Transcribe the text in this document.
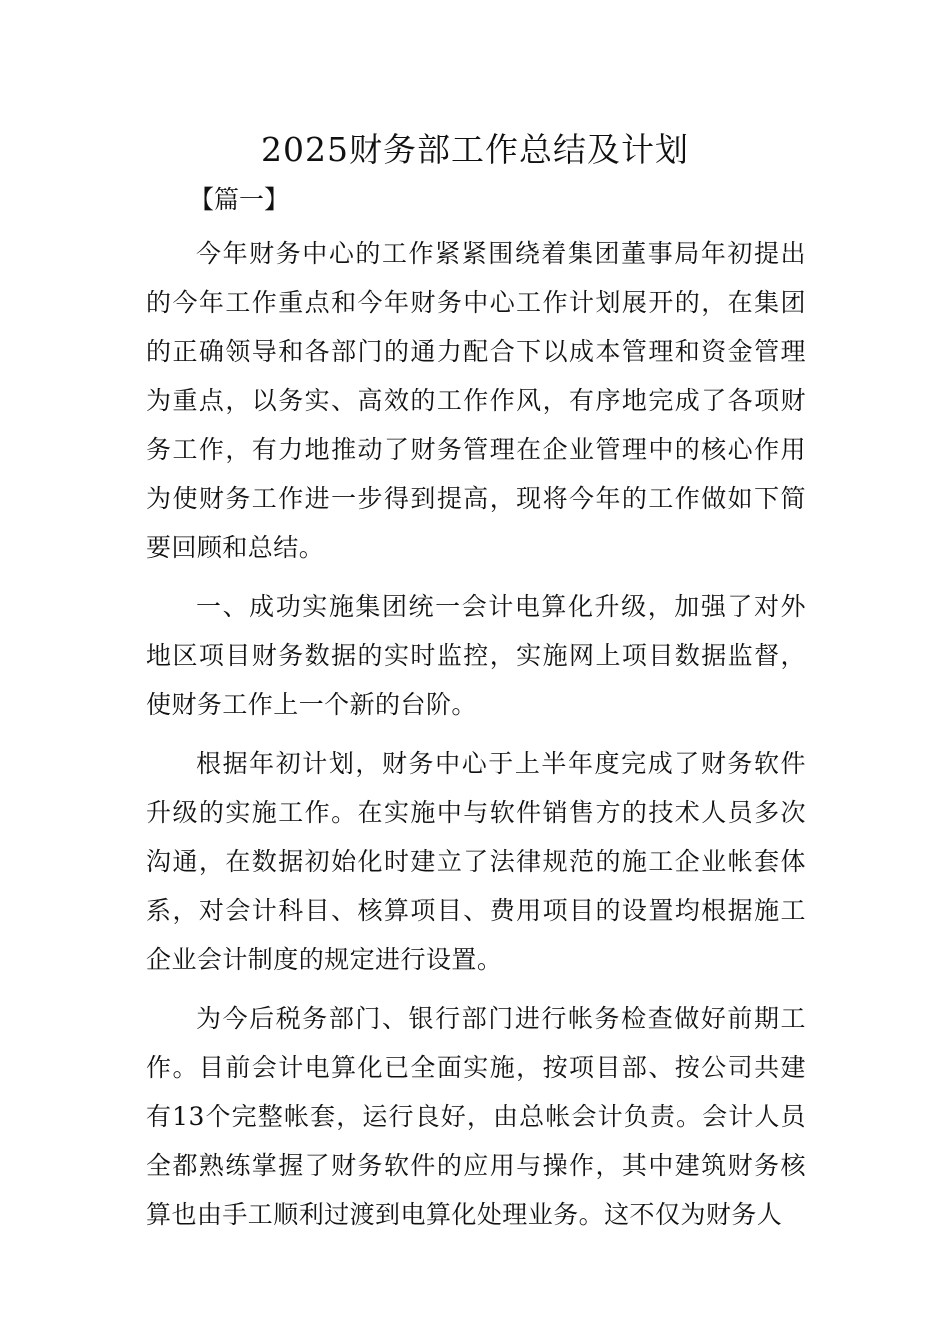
2025财务部工作总结及计划

【篇一】

今年财务中心的工作紧紧围绕着集团董事局年初提出的今年工作重点和今年财务中心工作计划展开的，在集团的正确领导和各部门的通力配合下以成本管理和资金管理为重点，以务实、高效的工作作风，有序地完成了各项财务工作，有力地推动了财务管理在企业管理中的核心作用为使财务工作进一步得到提高，现将今年的工作做如下简要回顾和总结。

一、成功实施集团统一会计电算化升级，加强了对外地区项目财务数据的实时监控，实施网上项目数据监督，使财务工作上一个新的台阶。

根据年初计划，财务中心于上半年度完成了财务软件升级的实施工作。在实施中与软件销售方的技术人员多次沟通，在数据初始化时建立了法律规范的施工企业帐套体系，对会计科目、核算项目、费用项目的设置均根据施工企业会计制度的规定进行设置。

为今后税务部门、银行部门进行帐务检查做好前期工作。目前会计电算化已全面实施，按项目部、按公司共建有13个完整帐套，运行良好，由总帐会计负责。会计人员全都熟练掌握了财务软件的应用与操作，其中建筑财务核算也由手工顺利过渡到电算化处理业务。这不仅为财务人
